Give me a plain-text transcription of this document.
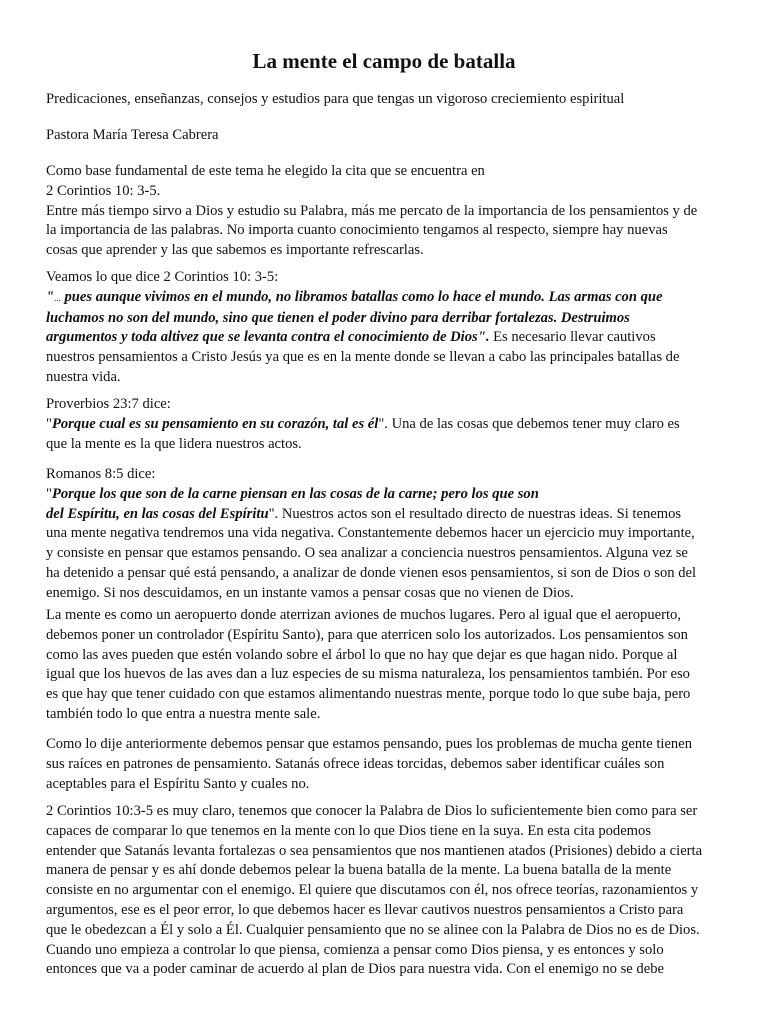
La mente el campo de batalla

Predicaciones, enseñanzas, consejos y estudios para que tengas un vigoroso creciemiento espiritual

Pastora María Teresa Cabrera

Como base fundamental de este tema he elegido la cita que se encuentra en
2 Corintios 10: 3-5.
Entre más tiempo sirvo a Dios y estudio su Palabra, más me percato de la importancia de los pensamientos y de
la importancia de las palabras. No importa cuanto conocimiento tengamos al respecto, siempre hay nuevas
cosas que aprender y las que sabemos es importante refrescarlas.

Veamos lo que dice 2 Corintios 10: 3-5:
"... pues aunque vivimos en el mundo, no libramos batallas como lo hace el mundo. Las armas con que
luchamos no son del mundo, sino que tienen el poder divino para derribar fortalezas. Destruimos
argumentos y toda altivez que se levanta contra el conocimiento de Dios". Es necesario llevar cautivos
nuestros pensamientos a Cristo Jesús ya que es en la mente donde se llevan a cabo las principales batallas de
nuestra vida.

Proverbios 23:7 dice:
"Porque cual es su pensamiento en su corazón, tal es él". Una de las cosas que debemos tener muy claro es
que la mente es la que lidera nuestros actos.

Romanos 8:5 dice:
"Porque los que son de la carne piensan en las cosas de la carne; pero los que son
del Espíritu, en las cosas del Espíritu". Nuestros actos son el resultado directo de nuestras ideas. Si tenemos
una mente negativa tendremos una vida negativa. Constantemente debemos hacer un ejercicio muy importante,
y consiste en pensar que estamos pensando. O sea analizar a conciencia nuestros pensamientos. Alguna vez se
ha detenido a pensar qué está pensando, a analizar de donde vienen esos pensamientos, si son de Dios o son del
enemigo. Si nos descuidamos, en un instante vamos a pensar cosas que no vienen de Dios.

La mente es como un aeropuerto donde aterrizan aviones de muchos lugares. Pero al igual que el aeropuerto,
debemos poner un controlador (Espíritu Santo), para que aterricen solo los autorizados. Los pensamientos son
como las aves pueden que estén volando sobre el árbol lo que no hay que dejar es que hagan nido. Porque al
igual que los huevos de las aves dan a luz especies de su misma naturaleza, los pensamientos también. Por eso
es que hay que tener cuidado con que estamos alimentando nuestras mente, porque todo lo que sube baja, pero
también todo lo que entra a nuestra mente sale.

Como lo dije anteriormente debemos pensar que estamos pensando, pues los problemas de mucha gente tienen
sus raíces en patrones de pensamiento. Satanás ofrece ideas torcidas, debemos saber identificar cuáles son
aceptables para el Espíritu Santo y cuales no.

2 Corintios 10:3-5 es muy claro, tenemos que conocer la Palabra de Dios lo suficientemente bien como para ser
capaces de comparar lo que tenemos en la mente con lo que Dios tiene en la suya. En esta cita podemos
entender que Satanás levanta fortalezas o sea pensamientos que nos mantienen atados (Prisiones) debido a cierta
manera de pensar y es ahí donde debemos pelear la buena batalla de la mente. La buena batalla de la mente
consiste en no argumentar con el enemigo. El quiere que discutamos con él, nos ofrece teorías, razonamientos y
argumentos, ese es el peor error, lo que debemos hacer es llevar cautivos nuestros pensamientos a Cristo para
que le obedezcan a Él y solo a Él. Cualquier pensamiento que no se alinee con la Palabra de Dios no es de Dios.
Cuando uno empieza a controlar lo que piensa, comienza a pensar como Dios piensa, y es entonces y solo
entonces que va a poder caminar de acuerdo al plan de Dios para nuestra vida. Con el enemigo no se debe
